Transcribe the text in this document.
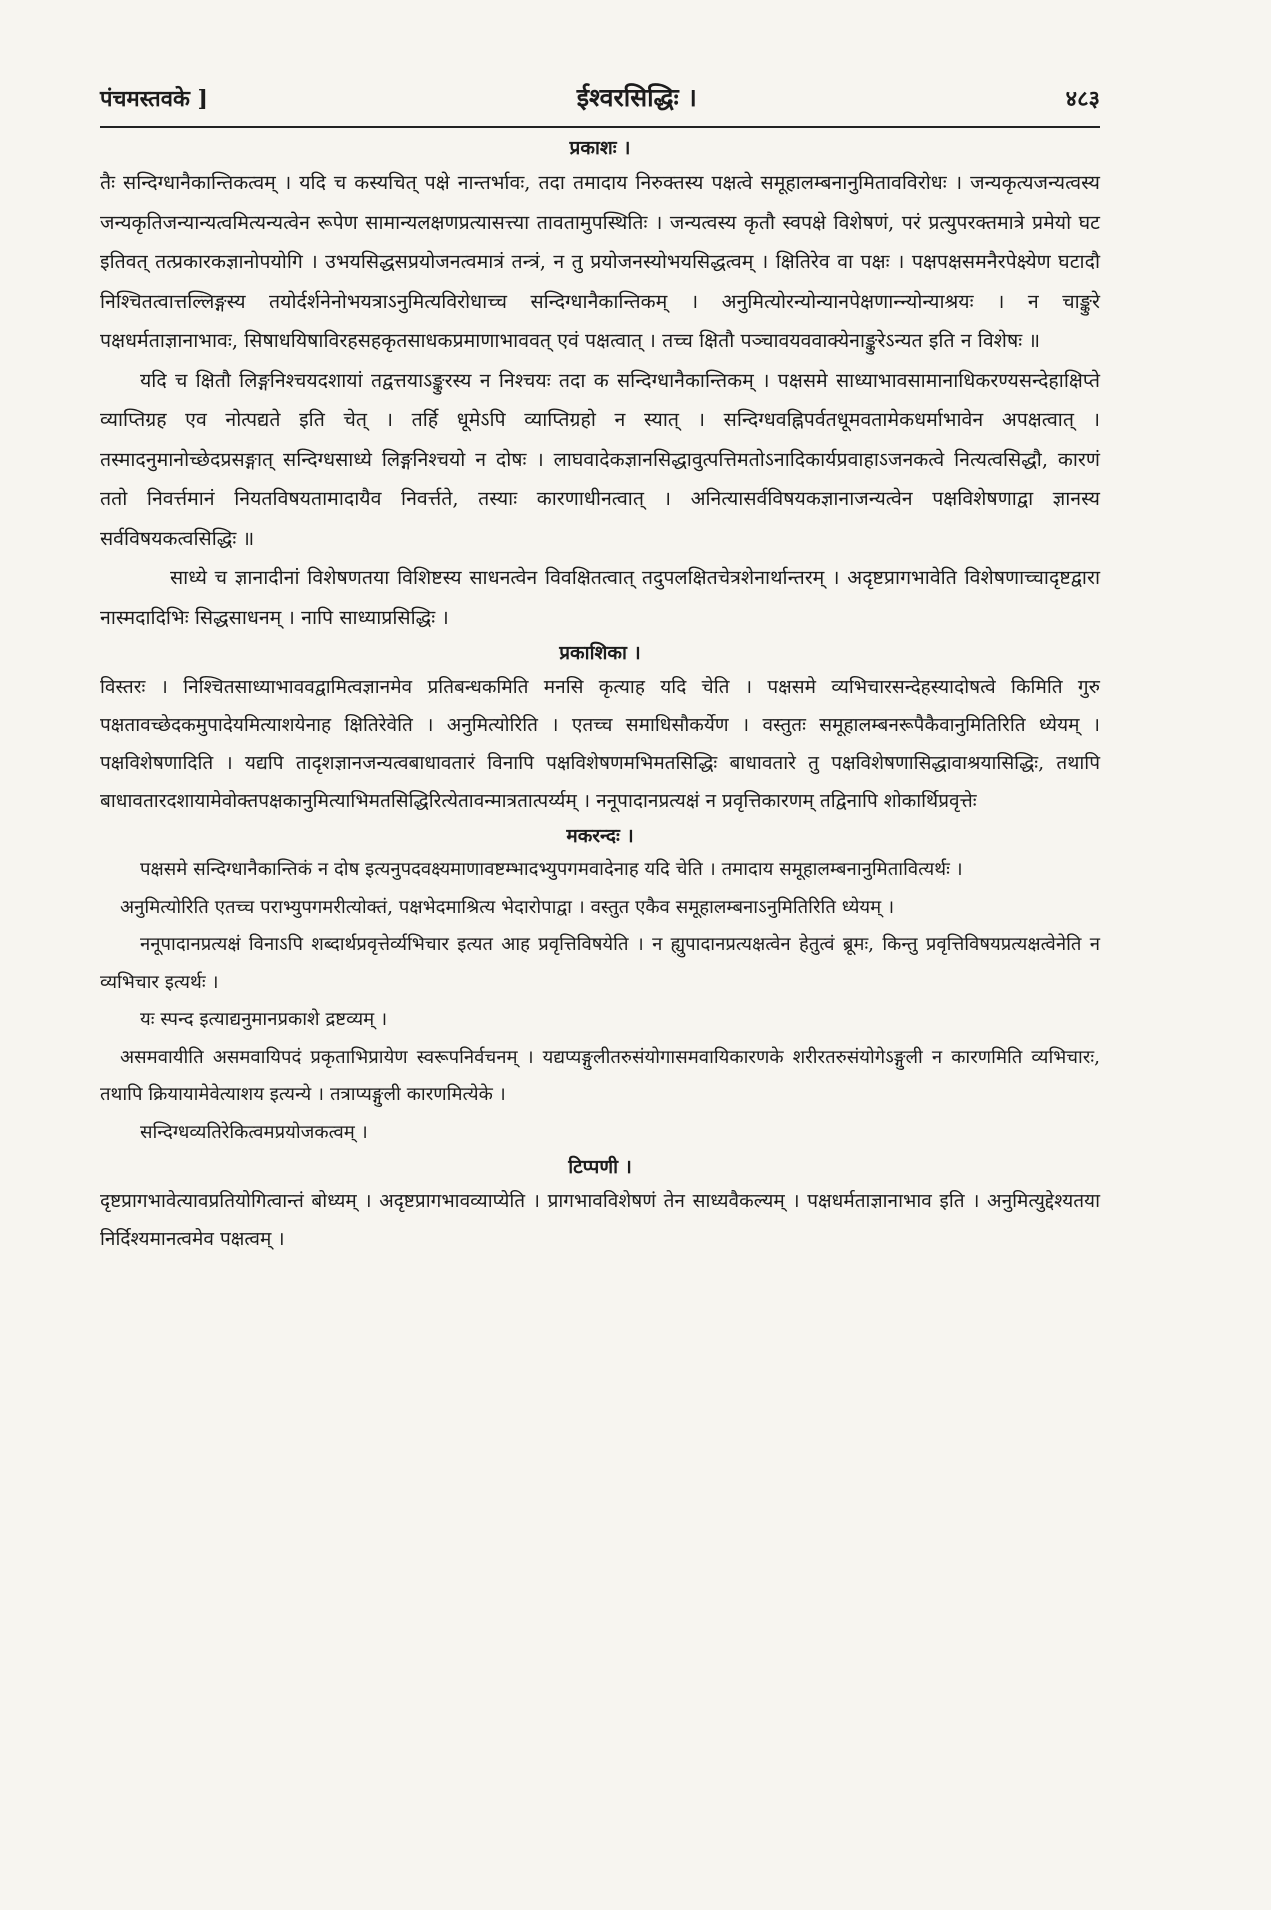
पंचमस्तवके ]	ईश्वरसिद्धिः ।	४८३
प्रकाशः ।

तैः सन्दिग्धानैकान्तिकत्वम् । यदि च कस्यचित् पक्षे नान्तर्भावः, तदा तमादाय निरुक्तस्य पक्षत्वे समूहालम्बनानुमितावविरोधः । जन्यकृत्यजन्यत्वस्य जन्यकृतिजन्यान्यत्वमित्यन्यत्वेन रूपेण सामान्यलक्षणप्रत्यासत्त्या तावतामुपस्थितिः । जन्यत्वस्य कृतौ स्वपक्षे विशेषणं, परं प्रत्युपरक्तमात्रे प्रमेयो घट इतिवत् तत्प्रकारकज्ञानोपयोगि । उभयसिद्धसप्रयोजनत्वमात्रं तन्त्रं, न तु प्रयोजनस्योभयसिद्धत्वम् । क्षितिरेव वा पक्षः । पक्षपक्षसमनैरपेक्ष्येण घटादौ निश्चितत्वात्तल्लिङ्गस्य तयोर्दर्शनेनोभयत्राऽनुमित्यविरोधाच्च सन्दिग्धानैकान्तिकम् । अनुमित्योरन्योन्यानपेक्षणान्न्योन्याश्रयः । न चाङ्कुरे पक्षधर्मताज्ञानाभावः, सिषाधयिषाविरहसहकृतसाधकप्रमाणाभाववत् एवं पक्षत्वात् । तच्च क्षितौ पञ्चावयववाक्येनाङ्कुरेऽन्यत इति न विशेषः ॥

यदि च क्षितौ लिङ्गनिश्चयदशायां तद्वत्तयाऽङ्कुरस्य न निश्चयः तदा क सन्दिग्धानैकान्तिकम् । पक्षसमे साध्याभावसामानाधिकरण्यसन्देहाक्षिप्ते व्याप्तिग्रह एव नोत्पद्यते इति चेत् । तर्हि धूमेऽपि व्याप्तिग्रहो न स्यात् । सन्दिग्धवह्निपर्वतधूमवतामेकधर्माभावेन अपक्षत्वात् । तस्मादनुमानोच्छेदप्रसङ्गात् सन्दिग्धसाध्ये लिङ्गनिश्चयो न दोषः । लाघवादेकज्ञानसिद्धावुत्पत्तिमतोऽनादिकार्यप्रवाहाऽजनकत्वे नित्यत्वसिद्धौ, कारणं ततो निवर्त्तमानं नियतविषयतामादायैव निवर्त्तते, तस्याः कारणाधीनत्वात् । अनित्यासर्वविषयकज्ञानाजन्यत्वेन पक्षविशेषणाद्वा ज्ञानस्य सर्वविषयकत्वसिद्धिः ॥

साध्ये च ज्ञानादीनां विशेषणतया विशिष्टस्य साधनत्वेन विवक्षितत्वात् तदुपलक्षितचेत्रशेनार्थान्तरम् । अदृष्टप्रागभावेति विशेषणाच्चादृष्टद्वारा नास्मदादिभिः सिद्धसाधनम् । नापि साध्याप्रसिद्धिः ।

प्रकाशिका ।

विस्तरः । निश्चितसाध्याभाववद्वामित्वज्ञानमेव प्रतिबन्धकमिति मनसि कृत्याह यदि चेति । पक्षसमे व्यभिचारसन्देहस्यादोषत्वे किमिति गुरु पक्षतावच्छेदकमुपादेयमित्याशयेनाह क्षितिरेवेति । अनुमित्योरिति । एतच्च समाधिसौकर्येण । वस्तुतः समूहालम्बनरूपैकैवानुमितिरिति ध्येयम् । पक्षविशेषणादिति । यद्यपि तादृशज्ञानजन्यत्वबाधावतारं विनापि पक्षविशेषणमभिमतसिद्धिः बाधावतारे तु पक्षविशेषणासिद्धावाश्रयासिद्धिः, तथापि बाधावतारदशायामेवोक्तपक्षकानुमित्याभिमतसिद्धिरित्येतावन्मात्रतात्पर्य्यम् । ननूपादानप्रत्यक्षं न प्रवृत्तिकारणम् तद्विनापि शोकार्थिप्रवृत्तेः

मकरन्दः ।

पक्षसमे सन्दिग्धानैकान्तिकं न दोष इत्यनुपदवक्ष्यमाणावष्टम्भादभ्युपगमवादेनाह यदि चेति । तमादाय समूहालम्बनानुमितावित्यर्थः ।

अनुमित्योरिति एतच्च पराभ्युपगमरीत्योक्तं, पक्षभेदमाश्रित्य भेदारोपाद्वा । वस्तुत एकैव समूहालम्बनाऽनुमितिरिति ध्येयम् ।

ननूपादानप्रत्यक्षं विनाऽपि शब्दार्थप्रवृत्तेर्व्यभिचार इत्यत आह प्रवृत्तिविषयेति । न ह्युपादानप्रत्यक्षत्वेन हेतुत्वं ब्रूमः, किन्तु प्रवृत्तिविषयप्रत्यक्षत्वेनेति न व्यभिचार इत्यर्थः ।

यः स्पन्द इत्याद्यनुमानप्रकाशे द्रष्टव्यम् ।

असमवायीति असमवायिपदं प्रकृताभिप्रायेण स्वरूपनिर्वचनम् । यद्यप्यङ्गुलीतरुसंयोगासमवायिकारणके शरीरतरुसंयोगेऽङ्गुली न कारणमिति व्यभिचारः, तथापि क्रियायामेवेत्याशय इत्यन्ये । तत्राप्यङ्गुली कारणमित्येके ।

सन्दिग्धव्यतिरेकित्वमप्रयोजकत्वम् ।

टिप्पणी ।

दृष्टप्रागभावेत्यावप्रतियोगित्वान्तं बोध्यम् । अदृष्टप्रागभावव्याप्येति । प्रागभावविशेषणं तेन साध्यवैकल्यम् । पक्षधर्मताज्ञानाभाव इति । अनुमित्युद्देश्यतया निर्दिश्यमानत्वमेव पक्षत्वम् ।
